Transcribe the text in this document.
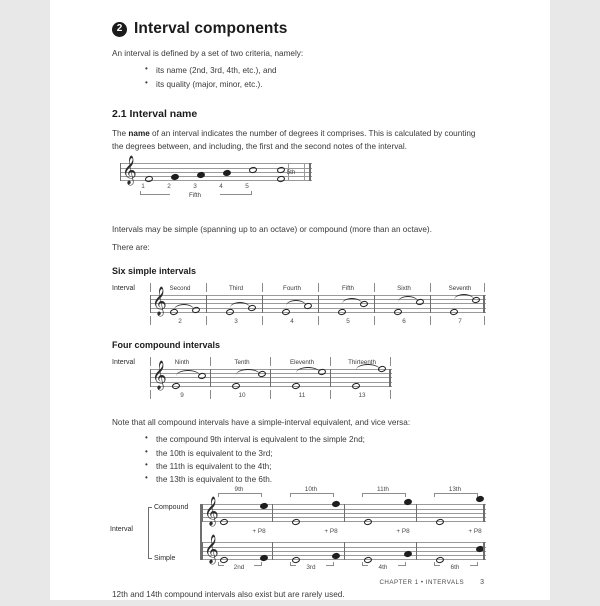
2 Interval components

An interval is defined by a set of two criteria, namely:

• its name (2nd, 3rd, 4th, etc.), and
• its quality (major, minor, etc.).
2.1 Interval name

The name of an interval indicates the number of degrees it comprises. This is calculated by counting the degrees between, and including, the first and the second notes of the interval.

𝄞
1	2	3	4	5
5th
Fifth

Intervals may be simple (spanning up to an octave) or compound (more than an octave).

There are:

Six simple intervals
Interval	Second	Third	Fourth	Fifth	Sixth	Seventh
𝄞
2	3	4	5	6	7
Four compound intervals
Interval	Ninth	Tenth	Eleventh	Thirteenth
𝄞
9	10	11	13

Note that all compound intervals have a simple-interval equivalent, and vice versa:

• the compound 9th interval is equivalent to the simple 2nd;
• the 10th is equivalent to the 3rd;
• the 11th is equivalent to the 4th;
• the 13th is equivalent to the 6th.
Interval
Compound
Simple
9th	10th	11th	13th
𝄞
+ P8	+ P8	+ P8	+ P8
𝄞
2nd	3rd	4th	6th

12th and 14th compound intervals also exist but are rarely used.

CHAPTER 1 • INTERVALS 3
